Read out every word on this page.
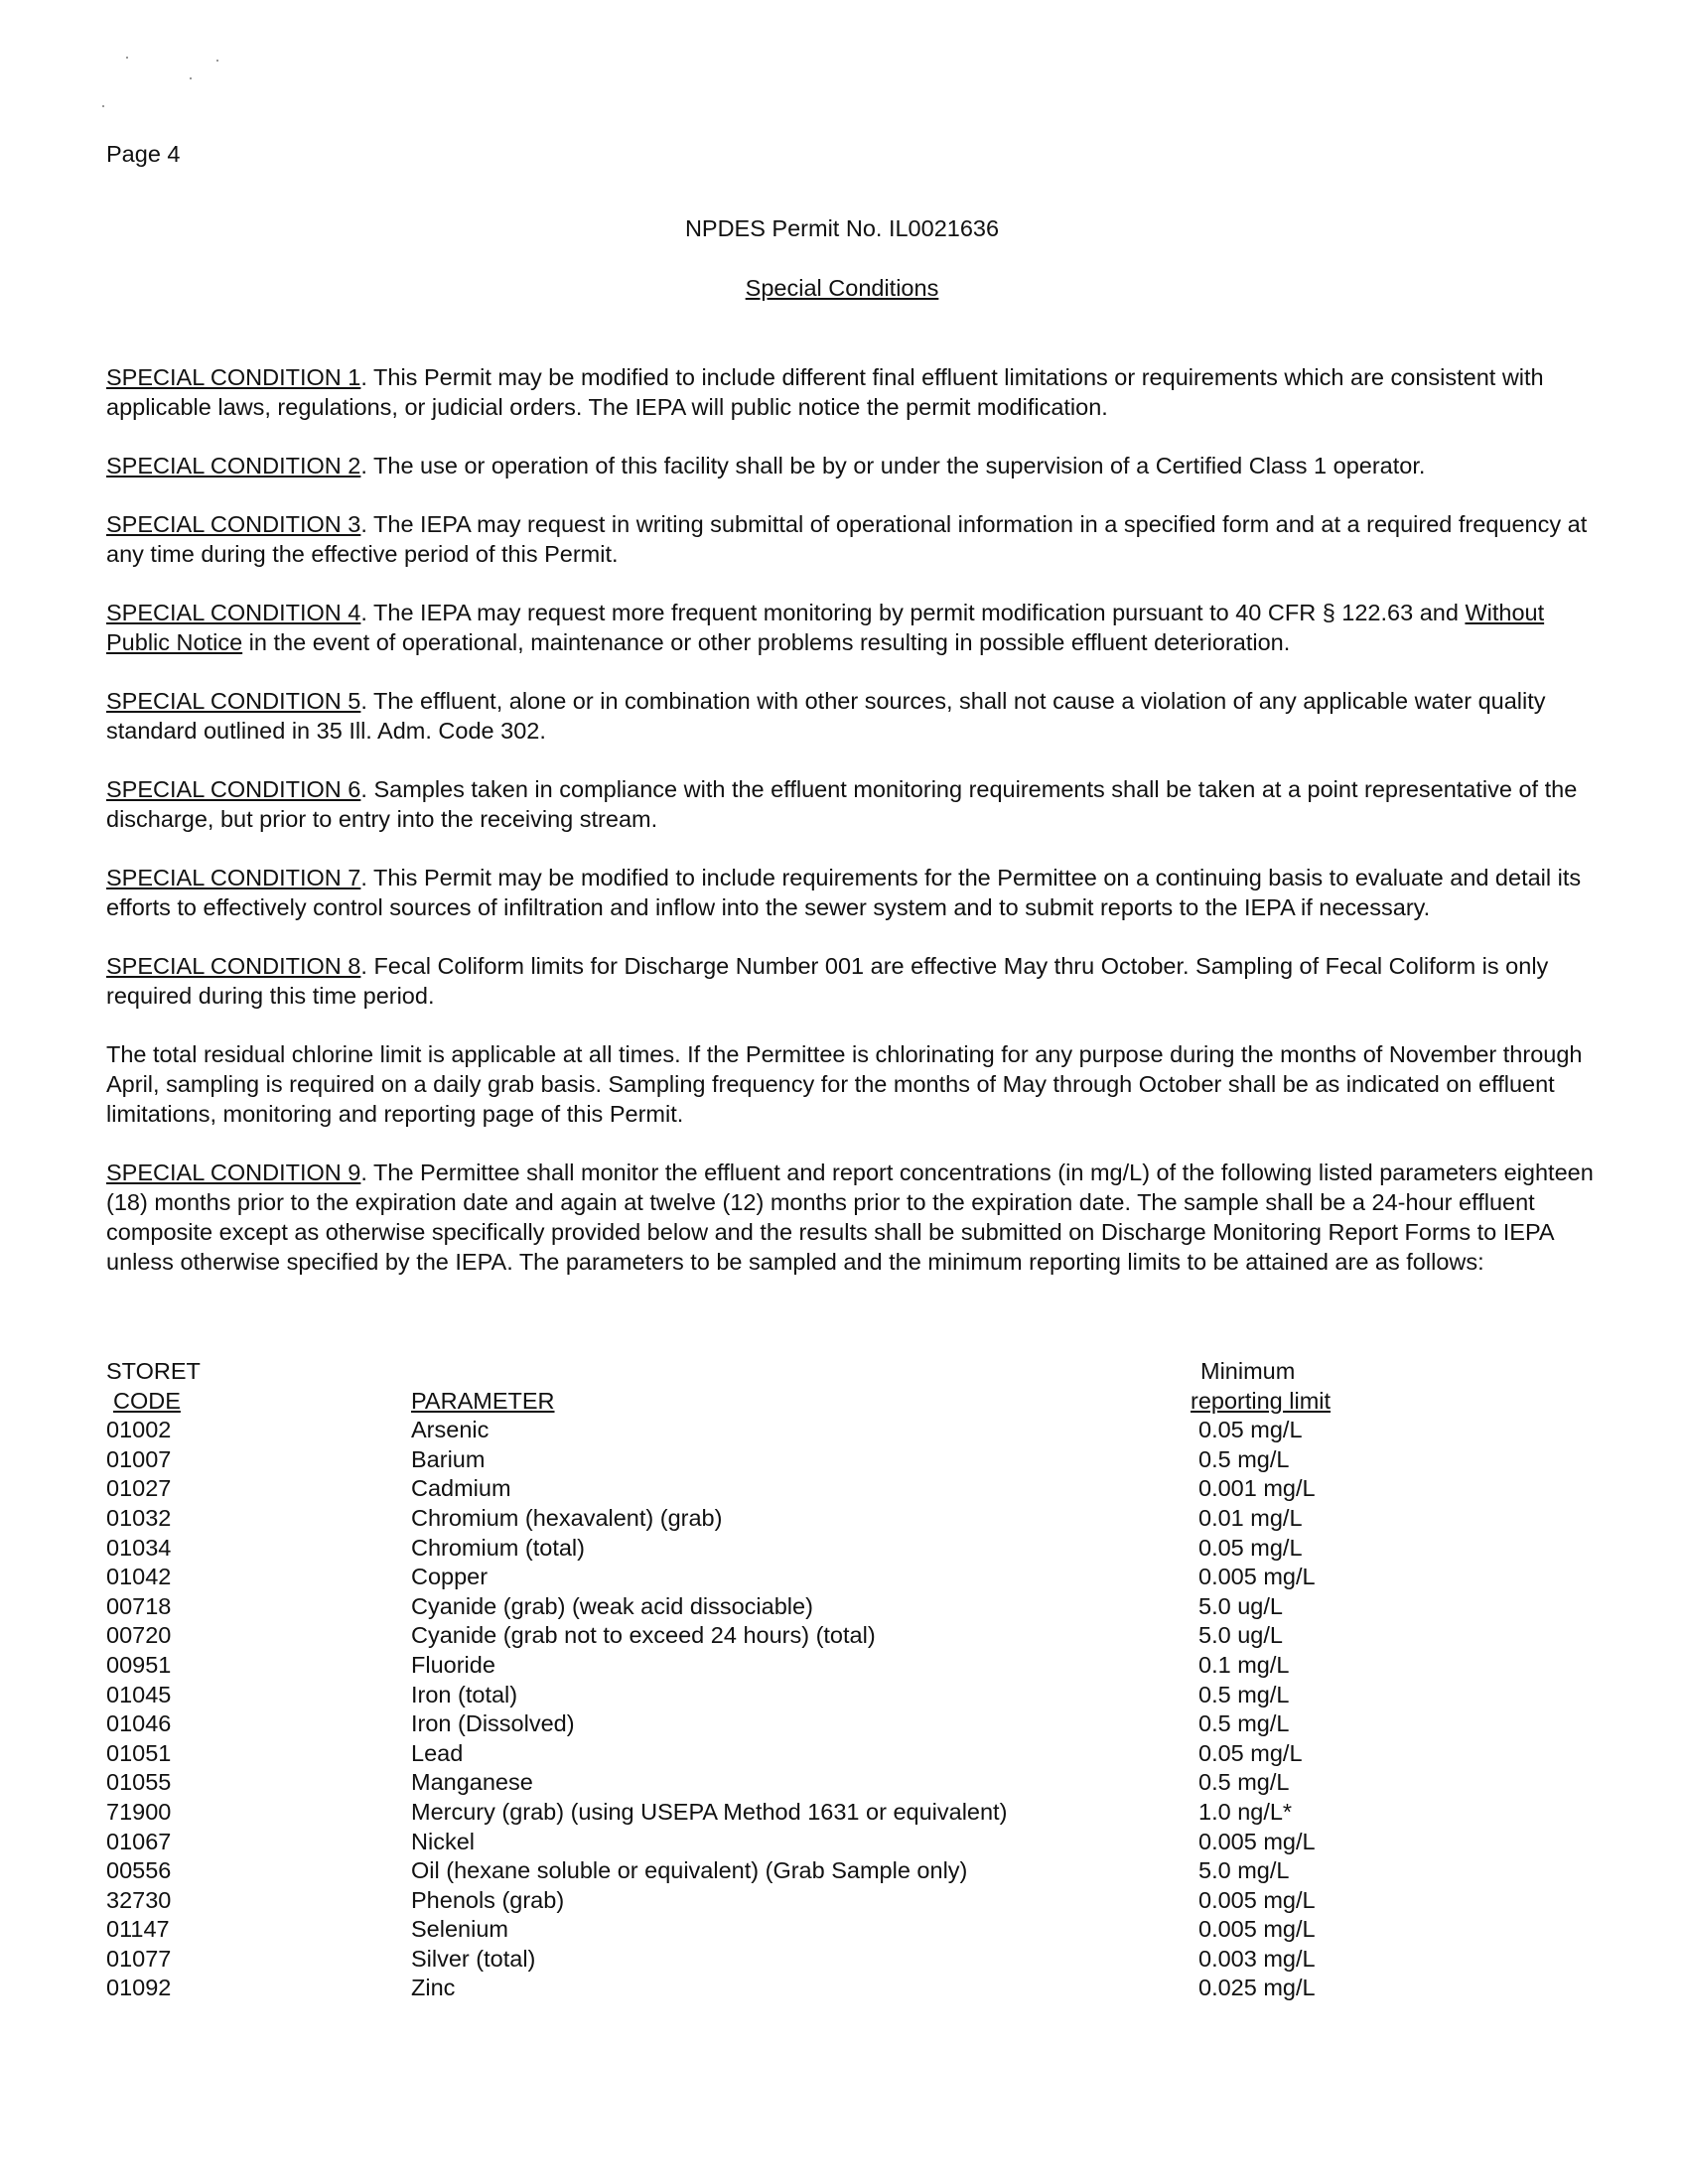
Page 4
NPDES Permit No. IL0021636
Special Conditions

SPECIAL CONDITION 1. This Permit may be modified to include different final effluent limitations or requirements which are consistent with applicable laws, regulations, or judicial orders. The IEPA will public notice the permit modification.

SPECIAL CONDITION 2. The use or operation of this facility shall be by or under the supervision of a Certified Class 1 operator.

SPECIAL CONDITION 3. The IEPA may request in writing submittal of operational information in a specified form and at a required frequency at any time during the effective period of this Permit.

SPECIAL CONDITION 4. The IEPA may request more frequent monitoring by permit modification pursuant to 40 CFR § 122.63 and Without Public Notice in the event of operational, maintenance or other problems resulting in possible effluent deterioration.

SPECIAL CONDITION 5. The effluent, alone or in combination with other sources, shall not cause a violation of any applicable water quality standard outlined in 35 Ill. Adm. Code 302.

SPECIAL CONDITION 6. Samples taken in compliance with the effluent monitoring requirements shall be taken at a point representative of the discharge, but prior to entry into the receiving stream.

SPECIAL CONDITION 7. This Permit may be modified to include requirements for the Permittee on a continuing basis to evaluate and detail its efforts to effectively control sources of infiltration and inflow into the sewer system and to submit reports to the IEPA if necessary.

SPECIAL CONDITION 8. Fecal Coliform limits for Discharge Number 001 are effective May thru October. Sampling of Fecal Coliform is only required during this time period.

The total residual chlorine limit is applicable at all times. If the Permittee is chlorinating for any purpose during the months of November through April, sampling is required on a daily grab basis. Sampling frequency for the months of May through October shall be as indicated on effluent limitations, monitoring and reporting page of this Permit.

SPECIAL CONDITION 9. The Permittee shall monitor the effluent and report concentrations (in mg/L) of the following listed parameters eighteen (18) months prior to the expiration date and again at twelve (12) months prior to the expiration date. The sample shall be a 24-hour effluent composite except as otherwise specifically provided below and the results shall be submitted on Discharge Monitoring Report Forms to IEPA unless otherwise specified by the IEPA. The parameters to be sampled and the minimum reporting limits to be attained are as follows:

STORET	Minimum
CODE	PARAMETER	reporting limit
01002	Arsenic	0.05 mg/L
01007	Barium	0.5 mg/L
01027	Cadmium	0.001 mg/L
01032	Chromium (hexavalent) (grab)	0.01 mg/L
01034	Chromium (total)	0.05 mg/L
01042	Copper	0.005 mg/L
00718	Cyanide (grab) (weak acid dissociable)	5.0 ug/L
00720	Cyanide (grab not to exceed 24 hours) (total)	5.0 ug/L
00951	Fluoride	0.1 mg/L
01045	Iron (total)	0.5 mg/L
01046	Iron (Dissolved)	0.5 mg/L
01051	Lead	0.05 mg/L
01055	Manganese	0.5 mg/L
71900	Mercury (grab) (using USEPA Method 1631 or equivalent)	1.0 ng/L*
01067	Nickel	0.005 mg/L
00556	Oil (hexane soluble or equivalent) (Grab Sample only)	5.0 mg/L
32730	Phenols (grab)	0.005 mg/L
01147	Selenium	0.005 mg/L
01077	Silver (total)	0.003 mg/L
01092	Zinc	0.025 mg/L
